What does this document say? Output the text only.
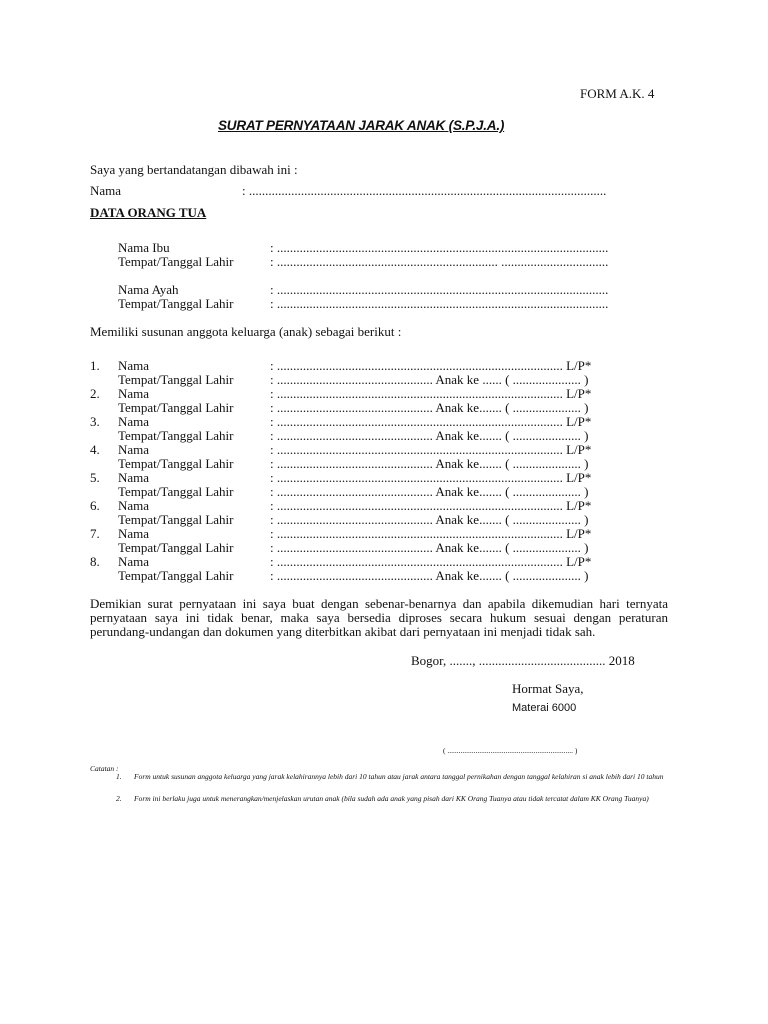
FORM A.K. 4
SURAT PERNYATAAN JARAK ANAK (S.P.J.A.)
Saya yang bertandatangan dibawah ini :
Nama	: ..............................................................................................................
DATA ORANG TUA
Nama Ibu	: ......................................................................................................
Tempat/Tanggal Lahir	: .................................................................... .................................
Nama Ayah	: ......................................................................................................
Tempat/Tanggal Lahir	: ......................................................................................................
Memiliki susunan anggota keluarga (anak) sebagai berikut :
1. Nama	: ........................................................................................ L/P*
Tempat/Tanggal Lahir	: ................................................ Anak ke ...... ( ..................... )
2. Nama	: ........................................................................................ L/P*
Tempat/Tanggal Lahir	: ................................................ Anak ke....... ( ..................... )
3. Nama	: ........................................................................................ L/P*
Tempat/Tanggal Lahir	: ................................................ Anak ke....... ( ..................... )
4. Nama	: ........................................................................................ L/P*
Tempat/Tanggal Lahir	: ................................................ Anak ke....... ( ..................... )
5. Nama	: ........................................................................................ L/P*
Tempat/Tanggal Lahir	: ................................................ Anak ke....... ( ..................... )
6. Nama	: ........................................................................................ L/P*
Tempat/Tanggal Lahir	: ................................................ Anak ke....... ( ..................... )
7. Nama	: ........................................................................................ L/P*
Tempat/Tanggal Lahir	: ................................................ Anak ke....... ( ..................... )
8. Nama	: ........................................................................................ L/P*
Tempat/Tanggal Lahir	: ................................................ Anak ke....... ( ..................... )
Demikian surat pernyataan ini saya buat dengan sebenar-benarnya dan apabila dikemudian hari ternyata pernyataan saya ini tidak benar, maka saya bersedia diproses secara hukum sesuai dengan peraturan perundang-undangan dan dokumen yang diterbitkan akibat dari pernyataan ini menjadi tidak sah.
Bogor, ......., ....................................... 2018
Hormat Saya,
Materai 6000
( ................................................................... )
Catatan :
1. Form untuk susunan anggota keluarga yang jarak kelahirannya lebih dari 10 tahun atau jarak antara tanggal pernikahan dengan tanggal kelahiran si anak lebih dari 10 tahun
2. Form ini berlaku juga untuk menerangkan/menjelaskan urutan anak (bila sudah ada anak yang pisah dari KK Orang Tuanya atau tidak tercatat dalam KK Orang Tuanya)
